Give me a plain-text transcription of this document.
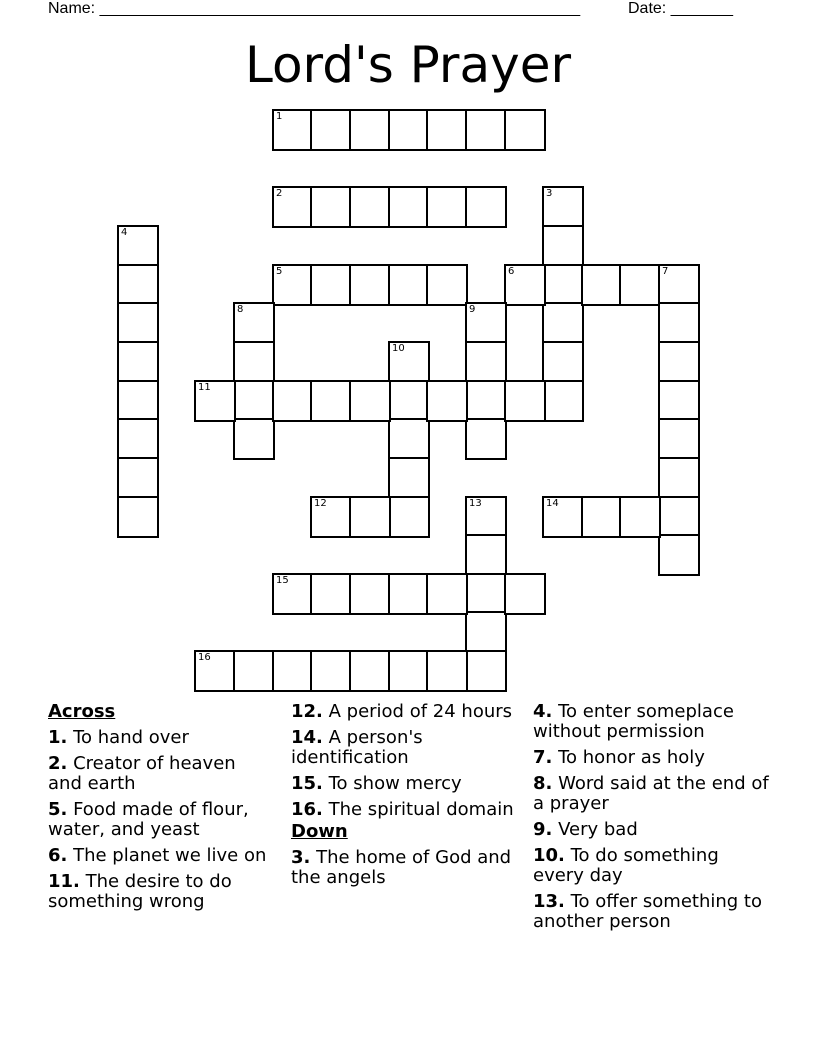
Name: ______________________________________________________	Date: _______
Lord's Prayer
1
2	3
4
5	6	7
8	9
10
11
12	13	14
15
16
Across
1. To hand over
2. Creator of heaven and earth
5. Food made of flour, water, and yeast
6. The planet we live on
11. The desire to do something wrong
12. A period of 24 hours
14. A person's identification
15. To show mercy
16. The spiritual domain
Down
3. The home of God and the angels
4. To enter someplace without permission
7. To honor as holy
8. Word said at the end of a prayer
9. Very bad
10. To do something every day
13. To offer something to another person
